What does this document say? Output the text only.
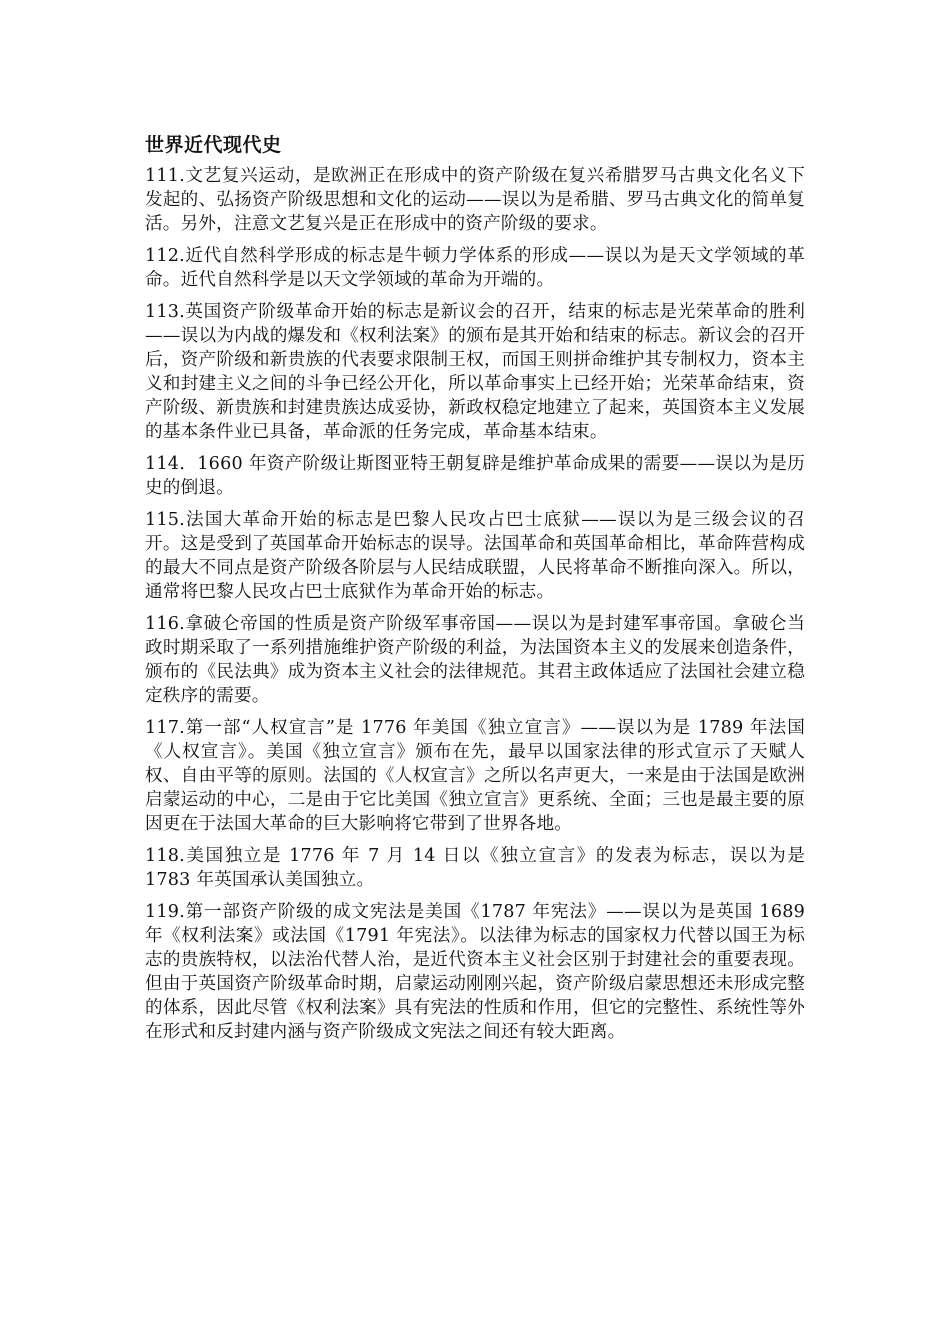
世界近代现代史

111.文艺复兴运动，是欧洲正在形成中的资产阶级在复兴希腊罗马古典文化名义下发起的、弘扬资产阶级思想和文化的运动——误以为是希腊、罗马古典文化的简单复活。另外，注意文艺复兴是正在形成中的资产阶级的要求。

112.近代自然科学形成的标志是牛顿力学体系的形成——误以为是天文学领域的革命。近代自然科学是以天文学领域的革命为开端的。

113.英国资产阶级革命开始的标志是新议会的召开，结束的标志是光荣革命的胜利——误以为内战的爆发和《权利法案》的颁布是其开始和结束的标志。新议会的召开后，资产阶级和新贵族的代表要求限制王权，而国王则拼命维护其专制权力，资本主义和封建主义之间的斗争已经公开化，所以革命事实上已经开始；光荣革命结束，资产阶级、新贵族和封建贵族达成妥协，新政权稳定地建立了起来，英国资本主义发展的基本条件业已具备，革命派的任务完成，革命基本结束。

114．1660 年资产阶级让斯图亚特王朝复辟是维护革命成果的需要——误以为是历史的倒退。

115.法国大革命开始的标志是巴黎人民攻占巴士底狱——误以为是三级会议的召开。这是受到了英国革命开始标志的误导。法国革命和英国革命相比，革命阵营构成的最大不同点是资产阶级各阶层与人民结成联盟，人民将革命不断推向深入。所以，通常将巴黎人民攻占巴士底狱作为革命开始的标志。

116.拿破仑帝国的性质是资产阶级军事帝国——误以为是封建军事帝国。拿破仑当政时期采取了一系列措施维护资产阶级的利益，为法国资本主义的发展来创造条件，颁布的《民法典》成为资本主义社会的法律规范。其君主政体适应了法国社会建立稳定秩序的需要。

117.第一部“人权宣言”是 1776 年美国《独立宣言》——误以为是 1789 年法国《人权宣言》。美国《独立宣言》颁布在先，最早以国家法律的形式宣示了天赋人权、自由平等的原则。法国的《人权宣言》之所以名声更大，一来是由于法国是欧洲启蒙运动的中心，二是由于它比美国《独立宣言》更系统、全面；三也是最主要的原因更在于法国大革命的巨大影响将它带到了世界各地。

118.美国独立是 1776 年 7 月 14 日以《独立宣言》的发表为标志，误以为是 1783 年英国承认美国独立。

119.第一部资产阶级的成文宪法是美国《1787 年宪法》——误以为是英国 1689 年《权利法案》或法国《1791 年宪法》。以法律为标志的国家权力代替以国王为标志的贵族特权，以法治代替人治，是近代资本主义社会区别于封建社会的重要表现。但由于英国资产阶级革命时期，启蒙运动刚刚兴起，资产阶级启蒙思想还未形成完整的体系，因此尽管《权利法案》具有宪法的性质和作用，但它的完整性、系统性等外在形式和反封建内涵与资产阶级成文宪法之间还有较大距离。
